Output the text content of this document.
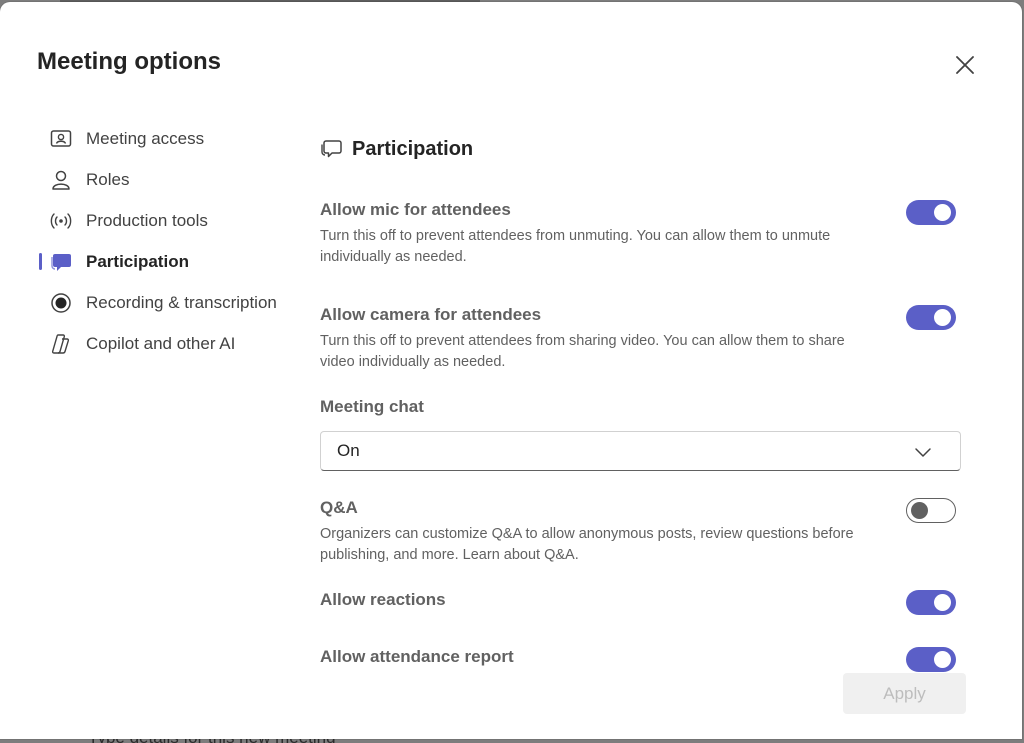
Meeting options
Meeting access
Roles
Production tools
Participation
Recording & transcription
Copilot and other AI
Participation
Allow mic for attendees
Turn this off to prevent attendees from unmuting. You can allow them to unmute individually as needed.
Allow camera for attendees
Turn this off to prevent attendees from sharing video. You can allow them to share video individually as needed.
Meeting chat
On
Q&A
Organizers can customize Q&A to allow anonymous posts, review questions before publishing, and more. Learn about Q&A.
Allow reactions
Allow attendance report
Apply
